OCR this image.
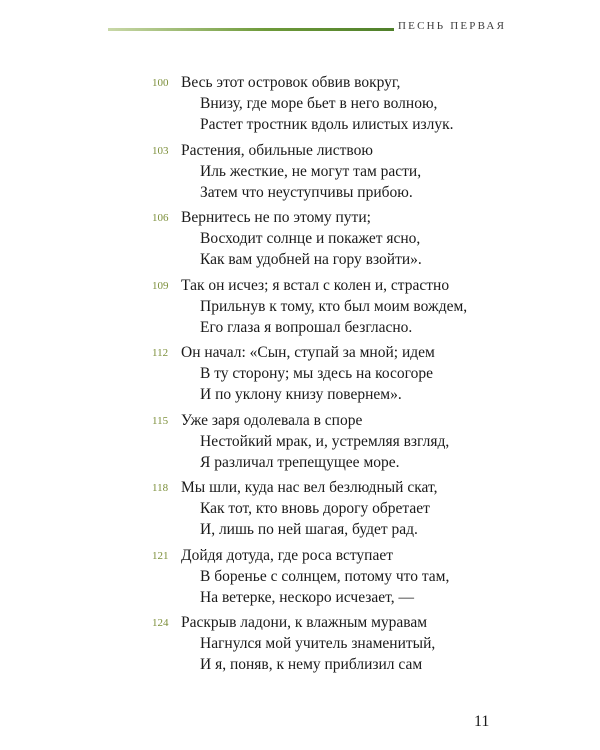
ПЕСНЬ ПЕРВАЯ
100 Весь этот островок обвив вокруг,
Внизу, где море бьет в него волною,
Растет тростник вдоль илистых излук.
103 Растения, обильные листвою
Иль жесткие, не могут там расти,
Затем что неуступчивы прибою.
106 Вернитесь не по этому пути;
Восходит солнце и покажет ясно,
Как вам удобней на гору взойти».
109 Так он исчез; я встал с колен и, страстно
Прильнув к тому, кто был моим вождем,
Его глаза я вопрошал безгласно.
112 Он начал: «Сын, ступай за мной; идем
В ту сторону; мы здесь на косогоре
И по уклону книзу повернем».
115 Уже заря одолевала в споре
Нестойкий мрак, и, устремляя взгляд,
Я различал трепещущее море.
118 Мы шли, куда нас вел безлюдный скат,
Как тот, кто вновь дорогу обретает
И, лишь по ней шагая, будет рад.
121 Дойдя дотуда, где роса вступает
В боренье с солнцем, потому что там,
На ветерке, нескоро исчезает, —
124 Раскрыв ладони, к влажным муравам
Нагнулся мой учитель знаменитый,
И я, поняв, к нему приблизил сам
11
